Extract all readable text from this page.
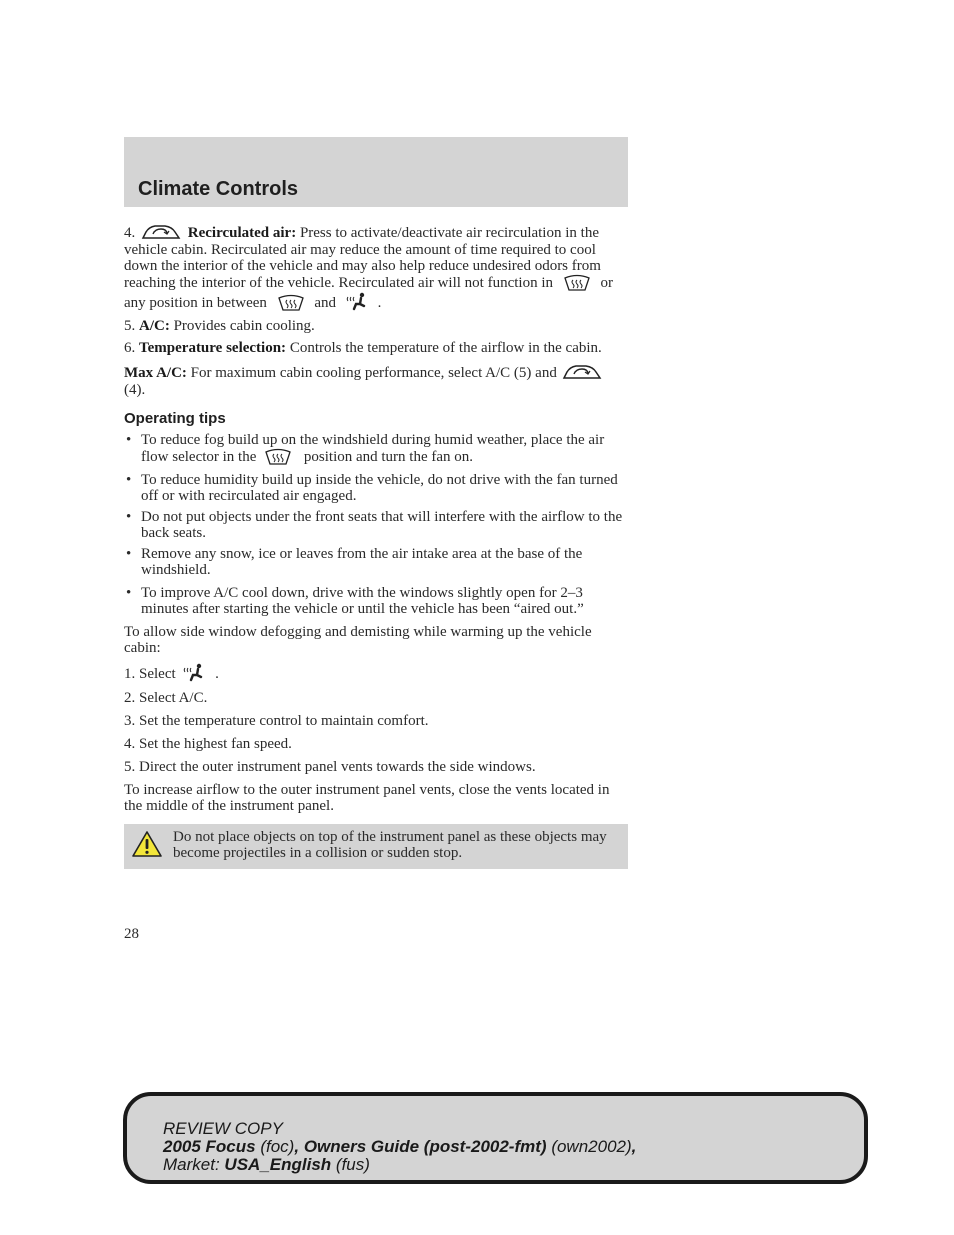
Climate Controls

4.	Recirculated air: Press to activate/deactivate air recirculation in the vehicle cabin. Recirculated air may reduce the amount of time required to cool down the interior of the vehicle and may also help reduce undesired odors from reaching the interior of the vehicle. Recirculated air will not function in	or any position in between	and	.

5. A/C: Provides cabin cooling.

6. Temperature selection: Controls the temperature of the airflow in the cabin.

Max A/C: For maximum cabin cooling performance, select A/C (5) and
(4).

Operating tips
• To reduce fog build up on the windshield during humid weather, place the air flow selector in the	position and turn the fan on.
• To reduce humidity build up inside the vehicle, do not drive with the fan turned off or with recirculated air engaged.
• Do not put objects under the front seats that will interfere with the airflow to the back seats.
• Remove any snow, ice or leaves from the air intake area at the base of the windshield.
• To improve A/C cool down, drive with the windows slightly open for 2–3 minutes after starting the vehicle or until the vehicle has been “aired out.”

To allow side window defogging and demisting while warming up the vehicle cabin:

1. Select	.

2. Select A/C.

3. Set the temperature control to maintain comfort.

4. Set the highest fan speed.

5. Direct the outer instrument panel vents towards the side windows.

To increase airflow to the outer instrument panel vents, close the vents located in the middle of the instrument panel.

Do not place objects on top of the instrument panel as these objects may become projectiles in a collision or sudden stop.

28
REVIEW COPY
2005 Focus (foc), Owners Guide (post-2002-fmt) (own2002),
Market: USA_English (fus)
